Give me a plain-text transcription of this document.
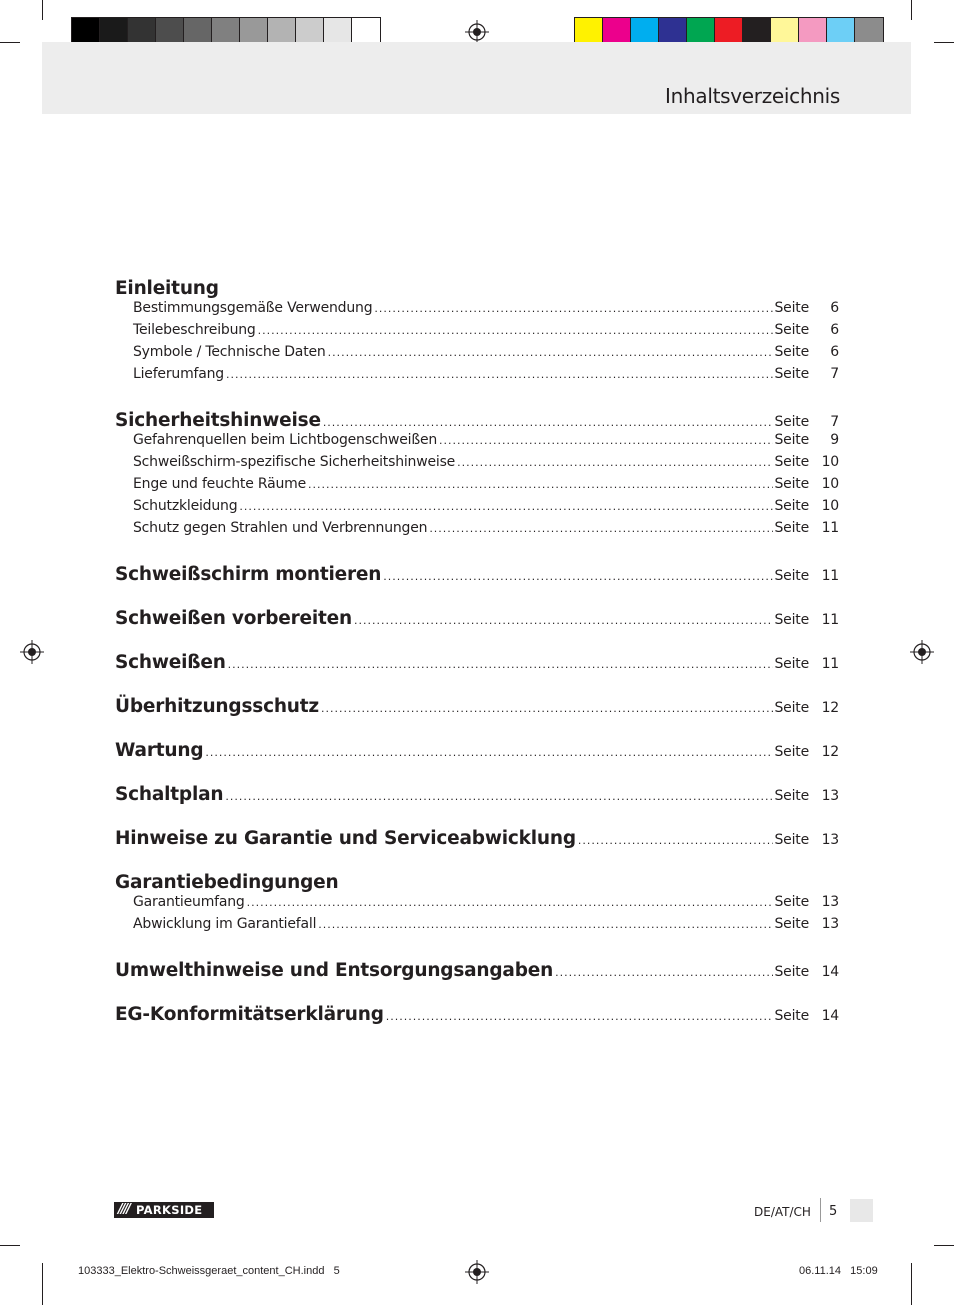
Inhaltsverzeichnis
Einleitung
Bestimmungsgemäße Verwendung .....	Seite 6
Teilebeschreibung .....	Seite 6
Symbole / Technische Daten .....	Seite 6
Lieferumfang .....	Seite 7
Sicherheitshinweise .....	Seite 7
Gefahrenquellen beim Lichtbogenschweißen .....	Seite 9
Schweißschirm-spezifische Sicherheitshinweise .....	Seite 10
Enge und feuchte Räume .....	Seite 10
Schutzkleidung .....	Seite 10
Schutz gegen Strahlen und Verbrennungen .....	Seite 11
Schweißschirm montieren .....	Seite 11
Schweißen vorbereiten .....	Seite 11
Schweißen .....	Seite 11
Überhitzungsschutz .....	Seite 12
Wartung .....	Seite 12
Schaltplan .....	Seite 13
Hinweise zu Garantie und Serviceabwicklung .....	Seite 13
Garantiebedingungen
Garantieumfang .....	Seite 13
Abwicklung im Garantiefall .....	Seite 13
Umwelthinweise und Entsorgungsangaben .....	Seite 14
EG-Konformitätserklärung .....	Seite 14
//// PARKSIDE	DE/AT/CH 5
103333_Elektro-Schweissgeraet_content_CH.indd   5	06.11.14   15:09
